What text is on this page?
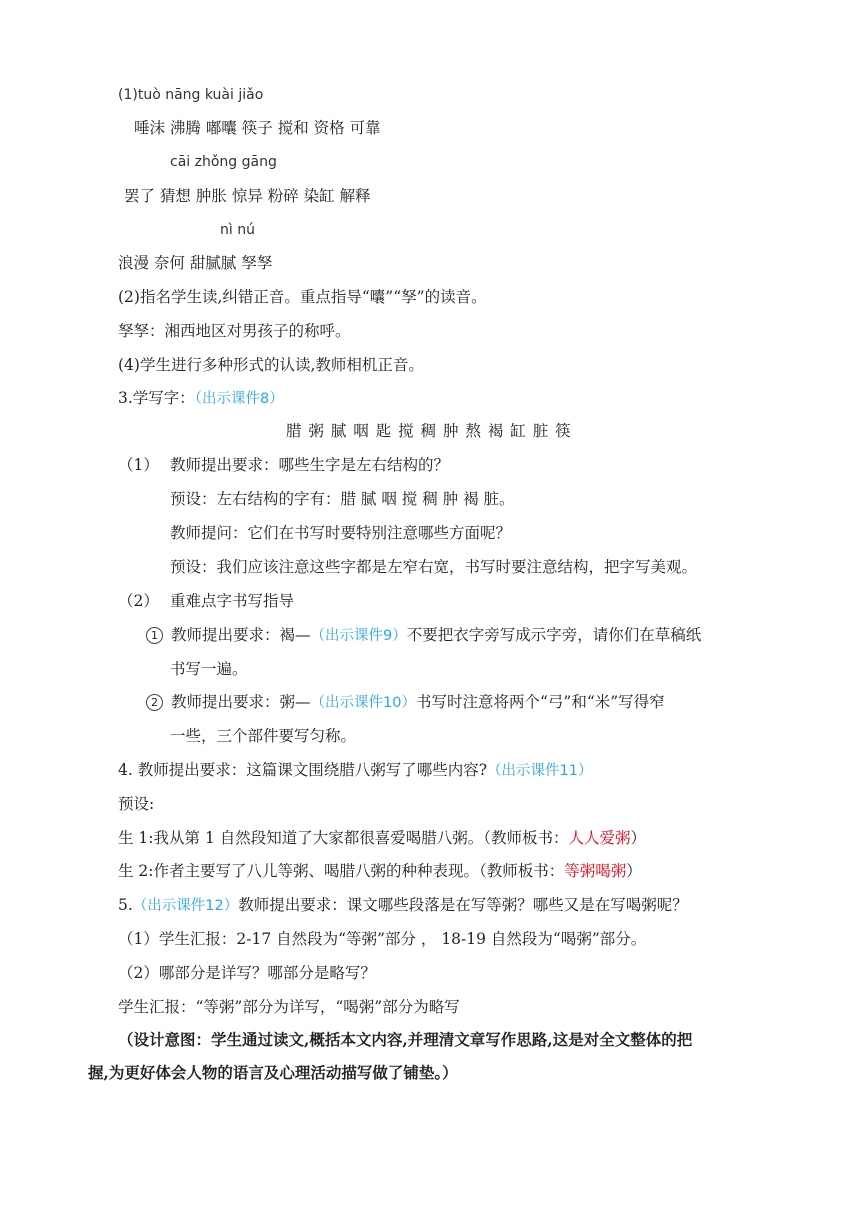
(1)tuò nāng kuài jiǎo
唾沫 沸腾 嘟囔 筷子 搅和 资格 可靠
cāi zhǒng gāng
罢了 猜想 肿胀 惊异 粉碎 染缸 解释
nì nú
浪漫 奈何 甜腻腻 孥孥
(2)指名学生读,纠错正音。重点指导“囔”“孥”的读音。
孥孥：湘西地区对男孩子的称呼。
(4)学生进行多种形式的认读,教师相机正音。
3.学写字：（出示课件8）
腊 粥 腻 咽 匙 搅 稠 肿 熬 褐 缸 脏 筷
（1） 教师提出要求：哪些生字是左右结构的？
预设：左右结构的字有：腊 腻 咽 搅 稠 肿 褐 脏。
教师提问：它们在书写时要特别注意哪些方面呢？
预设：我们应该注意这些字都是左窄右宽，书写时要注意结构，把字写美观。
（2） 重难点字书写指导
1 教师提出要求：褐—（出示课件9）不要把衣字旁写成示字旁，请你们在草稿纸
书写一遍。
2 教师提出要求：粥—（出示课件10）书写时注意将两个“弓”和“米”写得窄
一些，三个部件要写匀称。
4. 教师提出要求：这篇课文围绕腊八粥写了哪些内容?（出示课件11）
预设:
生 1:我从第 1 自然段知道了大家都很喜爱喝腊八粥。（教师板书：人人爱粥）
生 2:作者主要写了八儿等粥、喝腊八粥的种种表现。（教师板书：等粥喝粥）
5.（出示课件12）教师提出要求：课文哪些段落是在写等粥？哪些又是在写喝粥呢？
（1）学生汇报：2-17 自然段为“等粥”部分 ， 18-19 自然段为“喝粥”部分。
（2）哪部分是详写？哪部分是略写？
学生汇报：“等粥”部分为详写，“喝粥”部分为略写
（设计意图：学生通过读文,概括本文内容,并理清文章写作思路,这是对全文整体的把
握,为更好体会人物的语言及心理活动描写做了铺垫。）
